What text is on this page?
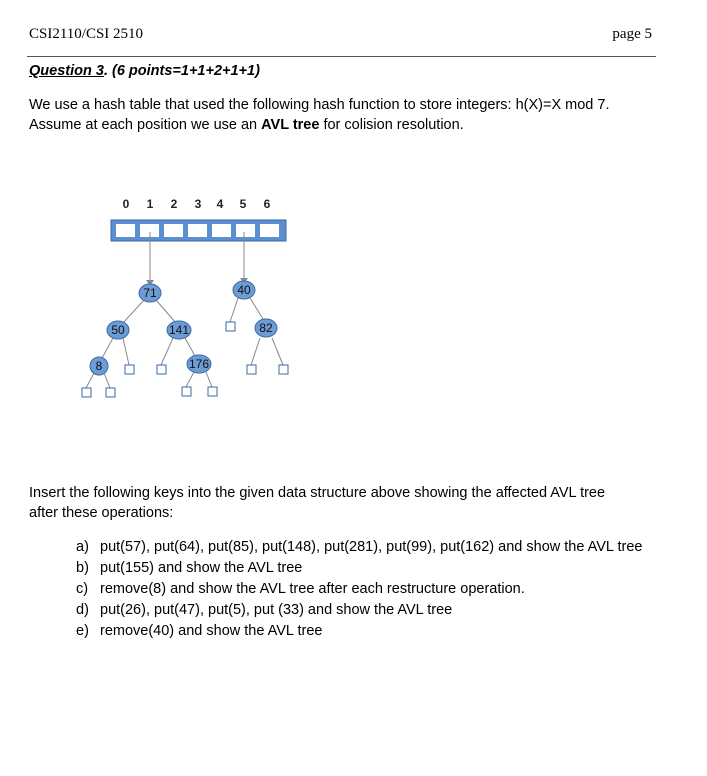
CSI2110/CSI 2510	page 5
Question 3. (6 points=1+1+2+1+1)
We use a hash table that used the following hash function to store integers: h(X)=X mod 7.
Assume at each position we use an AVL tree for colision resolution.
0 1 2 3 4 5 6
71	40
50	141	82
8	176
Insert the following keys into the given data structure above showing the affected AVL tree
after these operations:
a) put(57), put(64), put(85), put(148), put(281), put(99), put(162) and show the AVL tree
b) put(155) and show the AVL tree
c) remove(8) and show the AVL tree after each restructure operation.
d) put(26), put(47), put(5), put (33) and show the AVL tree
e) remove(40) and show the AVL tree
